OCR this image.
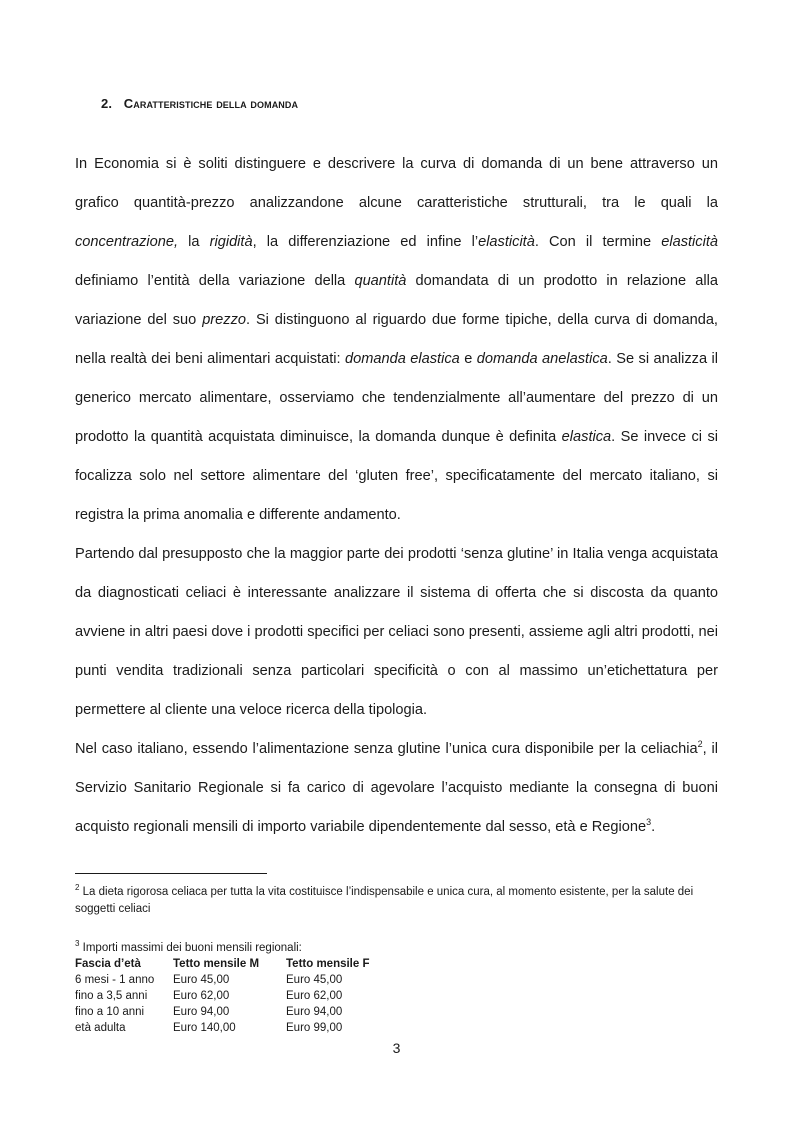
2. Caratteristiche della domanda

In Economia si è soliti distinguere e descrivere la curva di domanda di un bene attraverso un grafico quantità-prezzo analizzandone alcune caratteristiche strutturali, tra le quali la concentrazione, la rigidità, la differenziazione ed infine l’elasticità. Con il termine elasticità definiamo l’entità della variazione della quantità domandata di un prodotto in relazione alla variazione del suo prezzo. Si distinguono al riguardo due forme tipiche, della curva di domanda, nella realtà dei beni alimentari acquistati: domanda elastica e domanda anelastica. Se si analizza il generico mercato alimentare, osserviamo che tendenzialmente all’aumentare del prezzo di un prodotto la quantità acquistata diminuisce, la domanda dunque è definita elastica. Se invece ci si focalizza solo nel settore alimentare del ‘gluten free’, specificatamente del mercato italiano, si registra la prima anomalia e differente andamento.

Partendo dal presupposto che la maggior parte dei prodotti ‘senza glutine’ in Italia venga acquistata da diagnosticati celiaci è interessante analizzare il sistema di offerta che si discosta da quanto avviene in altri paesi dove i prodotti specifici per celiaci sono presenti, assieme agli altri prodotti, nei punti vendita tradizionali senza particolari specificità o con al massimo un’etichettatura per permettere al cliente una veloce ricerca della tipologia.

Nel caso italiano, essendo l’alimentazione senza glutine l’unica cura disponibile per la celiachia$^2$, il Servizio Sanitario Regionale si fa carico di agevolare l’acquisto mediante la consegna di buoni acquisto regionali mensili di importo variabile dipendentemente dal sesso, età e Regione$^3$.

$^2$ La dieta rigorosa celiaca per tutta la vita costituisce l’indispensabile e unica cura, al momento esistente, per la salute dei soggetti celiaci
$^3$ Importi massimi dei buoni mensili regionali:
Fascia d’età	Tetto mensile M	Tetto mensile F
6 mesi - 1 anno	Euro 45,00	Euro 45,00
fino a 3,5 anni	Euro 62,00	Euro 62,00
fino a 10 anni	Euro 94,00	Euro 94,00
età adulta	Euro 140,00	Euro 99,00
3
